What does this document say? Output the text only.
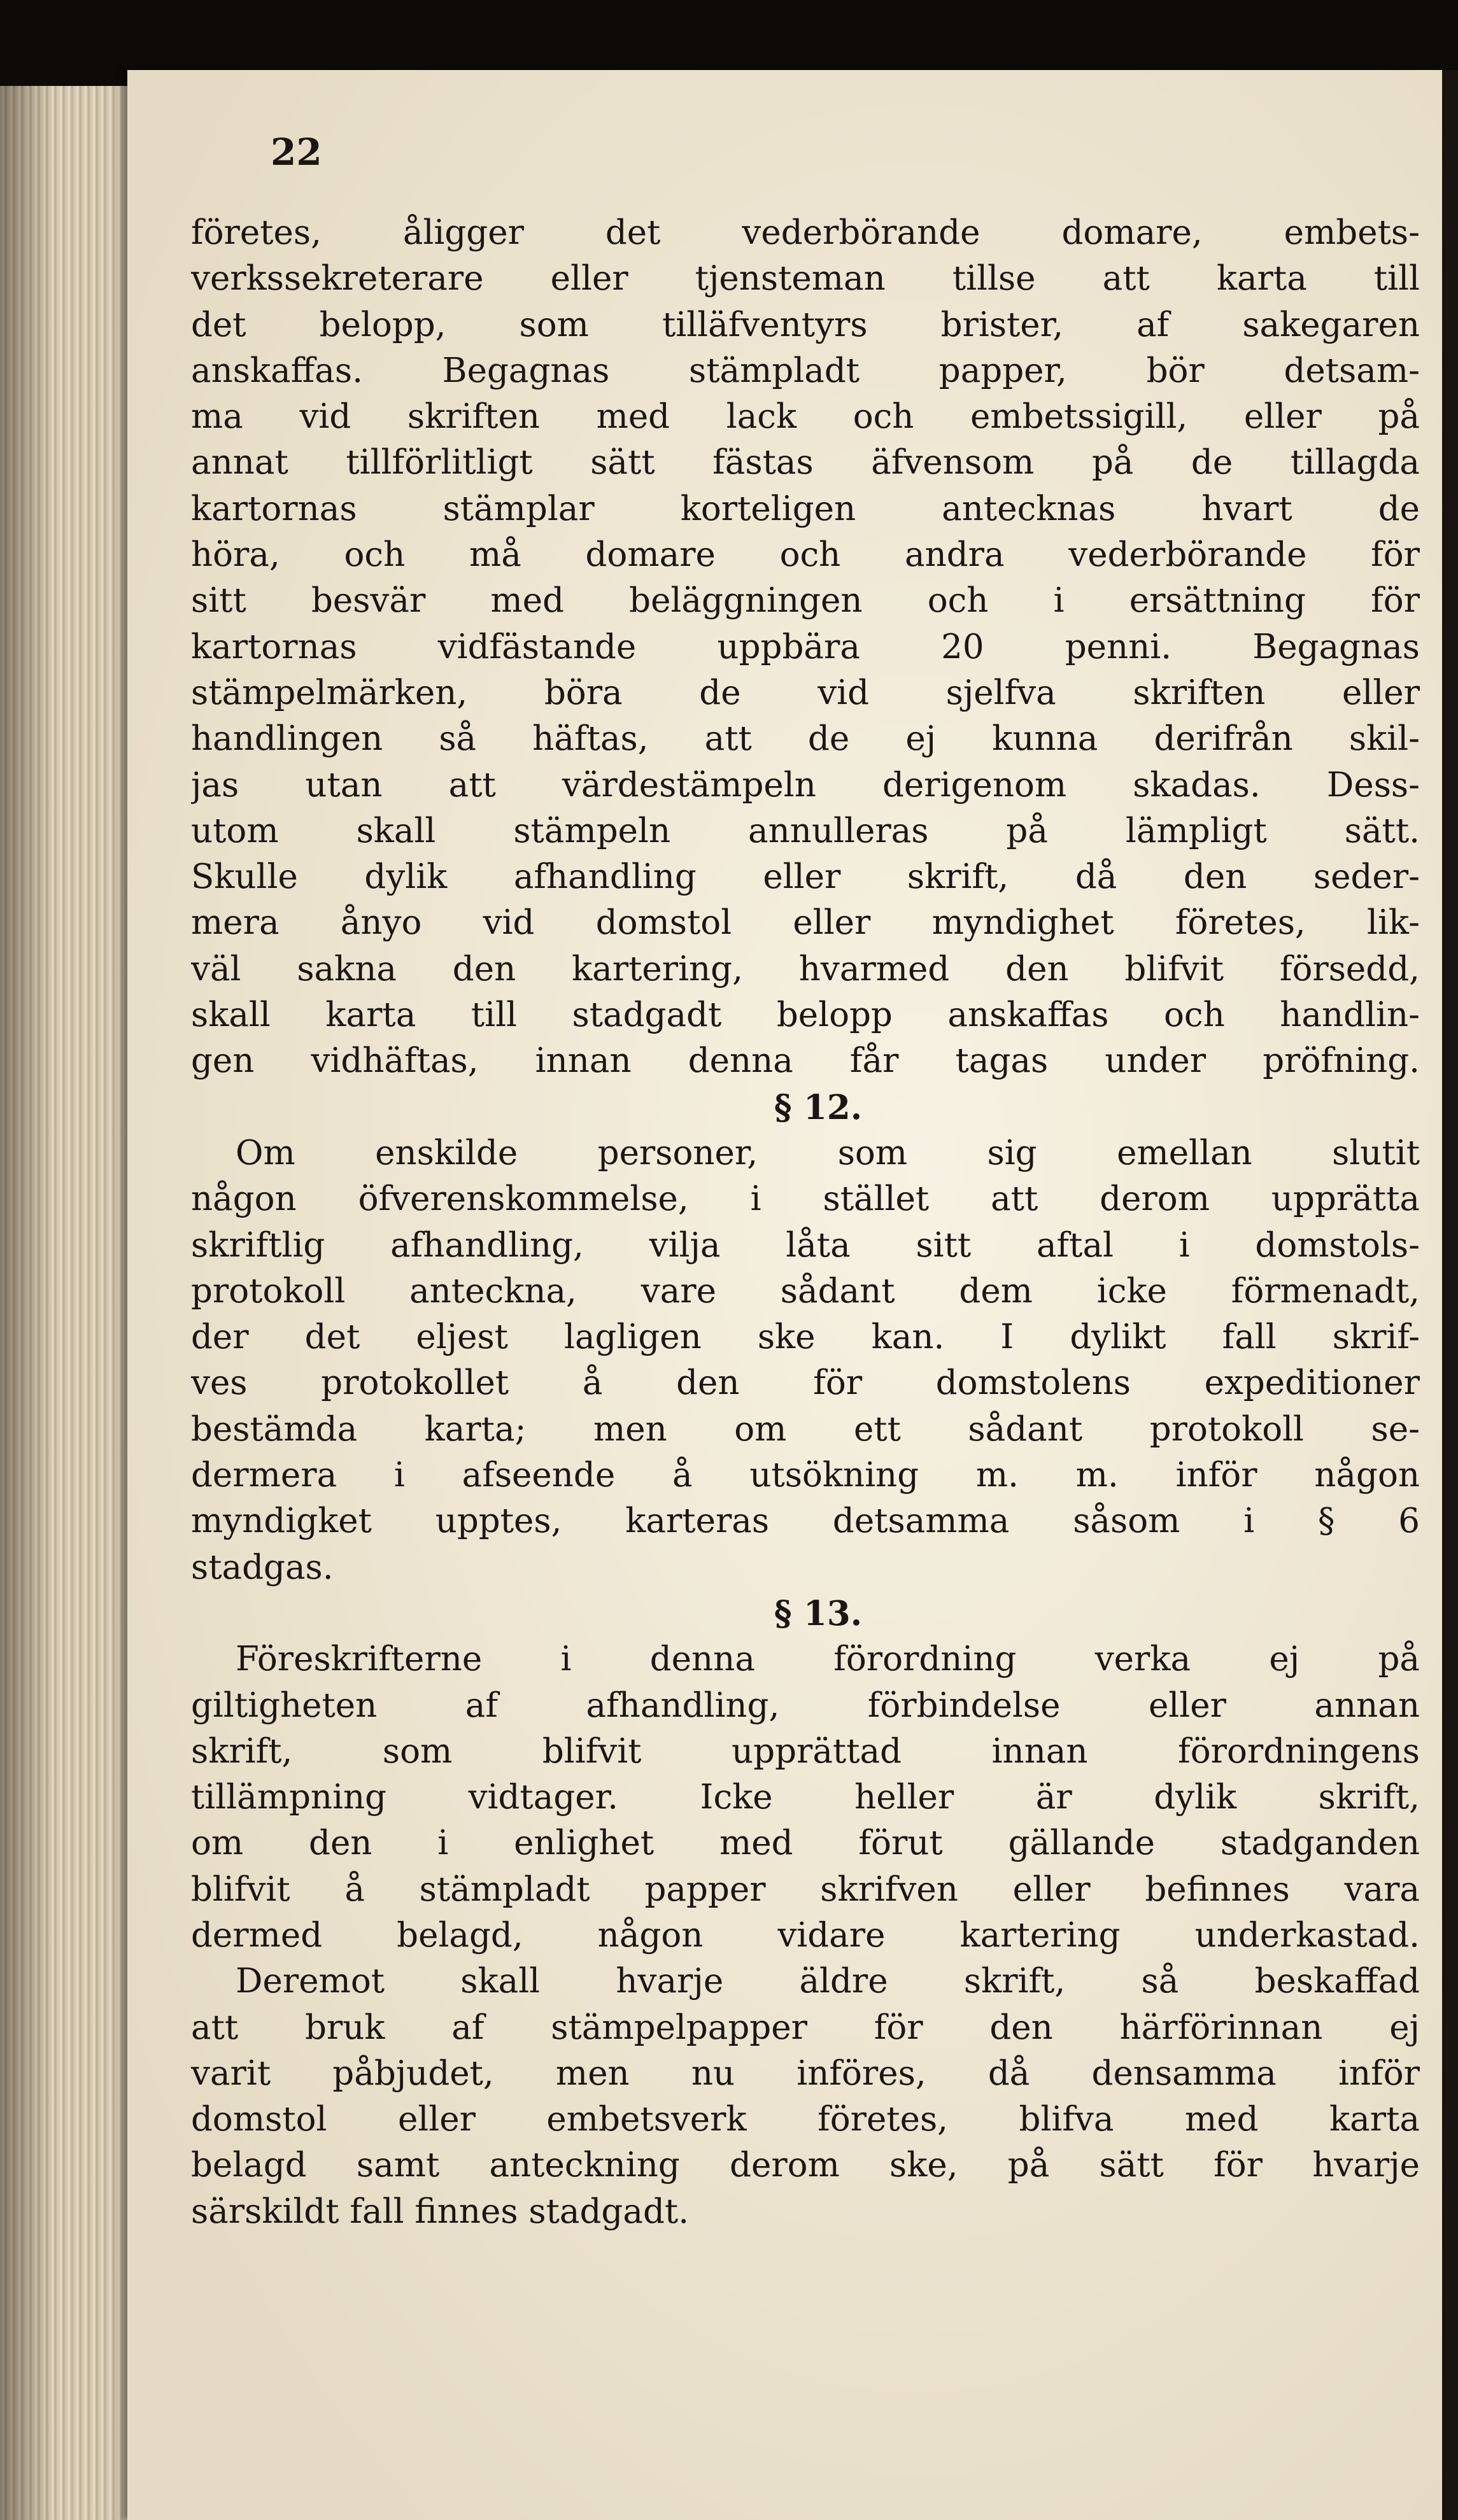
22
företes, åligger det vederbörande domare, embets-
verkssekreterare eller tjensteman tillse att karta till
det belopp, som tilläfventyrs brister, af sakegaren
anskaffas. Begagnas stämpladt papper, bör detsam-
ma vid skriften med lack och embetssigill, eller på
annat tillförlitligt sätt fästas äfvensom på de tillagda
kartornas stämplar korteligen antecknas hvart de
höra, och må domare och andra vederbörande för
sitt besvär med beläggningen och i ersättning för
kartornas vidfästande uppbära 20 penni. Begagnas
stämpelmärken, böra de vid sjelfva skriften eller
handlingen så häftas, att de ej kunna derifrån skil-
jas utan att värdestämpeln derigenom skadas. Dess-
utom skall stämpeln annulleras på lämpligt sätt.
Skulle dylik afhandling eller skrift, då den seder-
mera ånyo vid domstol eller myndighet företes, lik-
väl sakna den kartering, hvarmed den blifvit försedd,
skall karta till stadgadt belopp anskaffas och handlin-
gen vidhäftas, innan denna får tagas under pröfning.
§ 12.
Om enskilde personer, som sig emellan slutit
någon öfverenskommelse, i stället att derom upprätta
skriftlig afhandling, vilja låta sitt aftal i domstols-
protokoll anteckna, vare sådant dem icke förmenadt,
der det eljest lagligen ske kan. I dylikt fall skrif-
ves protokollet å den för domstolens expeditioner
bestämda karta; men om ett sådant protokoll se-
dermera i afseende å utsökning m. m. inför någon
myndigket upptes, karteras detsamma såsom i § 6
stadgas.
§ 13.
Föreskrifterne i denna förordning verka ej på
giltigheten af afhandling, förbindelse eller annan
skrift, som blifvit upprättad innan förordningens
tillämpning vidtager. Icke heller är dylik skrift,
om den i enlighet med förut gällande stadganden
blifvit å stämpladt papper skrifven eller befinnes vara
dermed belagd, någon vidare kartering underkastad.
Deremot skall hvarje äldre skrift, så beskaffad
att bruk af stämpelpapper för den härförinnan ej
varit påbjudet, men nu införes, då densamma inför
domstol eller embetsverk företes, blifva med karta
belagd samt anteckning derom ske, på sätt för hvarje
särskildt fall finnes stadgadt.
